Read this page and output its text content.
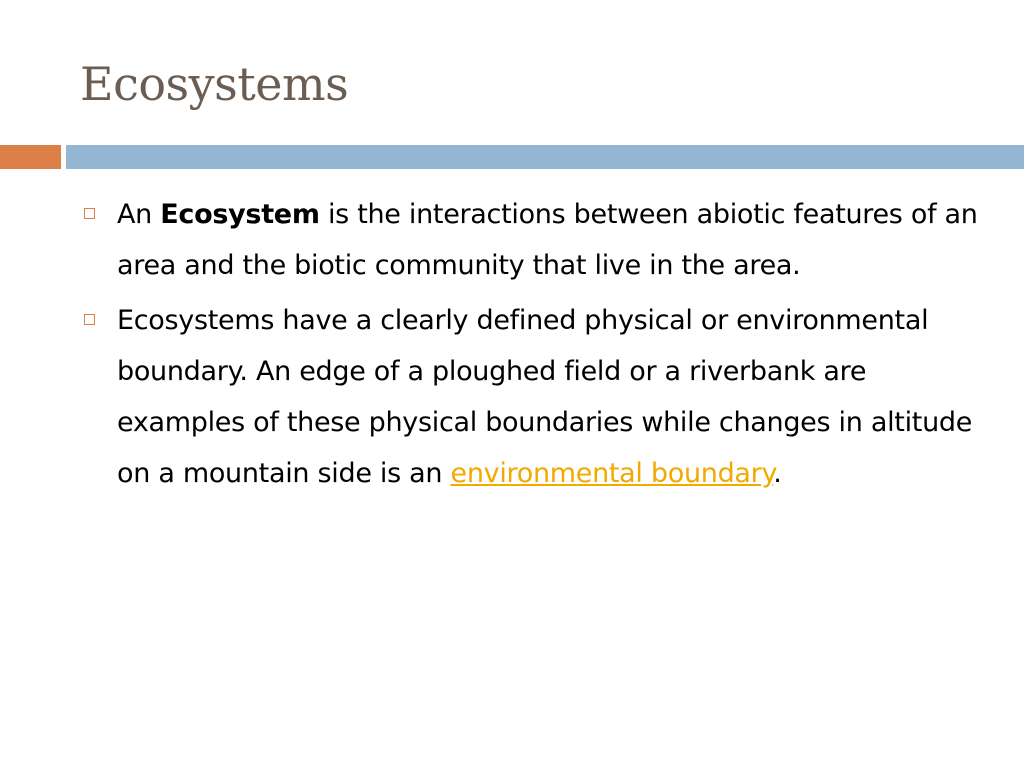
Ecosystems
An Ecosystem is the interactions between abiotic features of an area and the biotic community that live in the area.
Ecosystems have a clearly defined physical or environmental boundary. An edge of a ploughed field or a riverbank are examples of these physical boundaries while changes in altitude on a mountain side is an environmental boundary.
